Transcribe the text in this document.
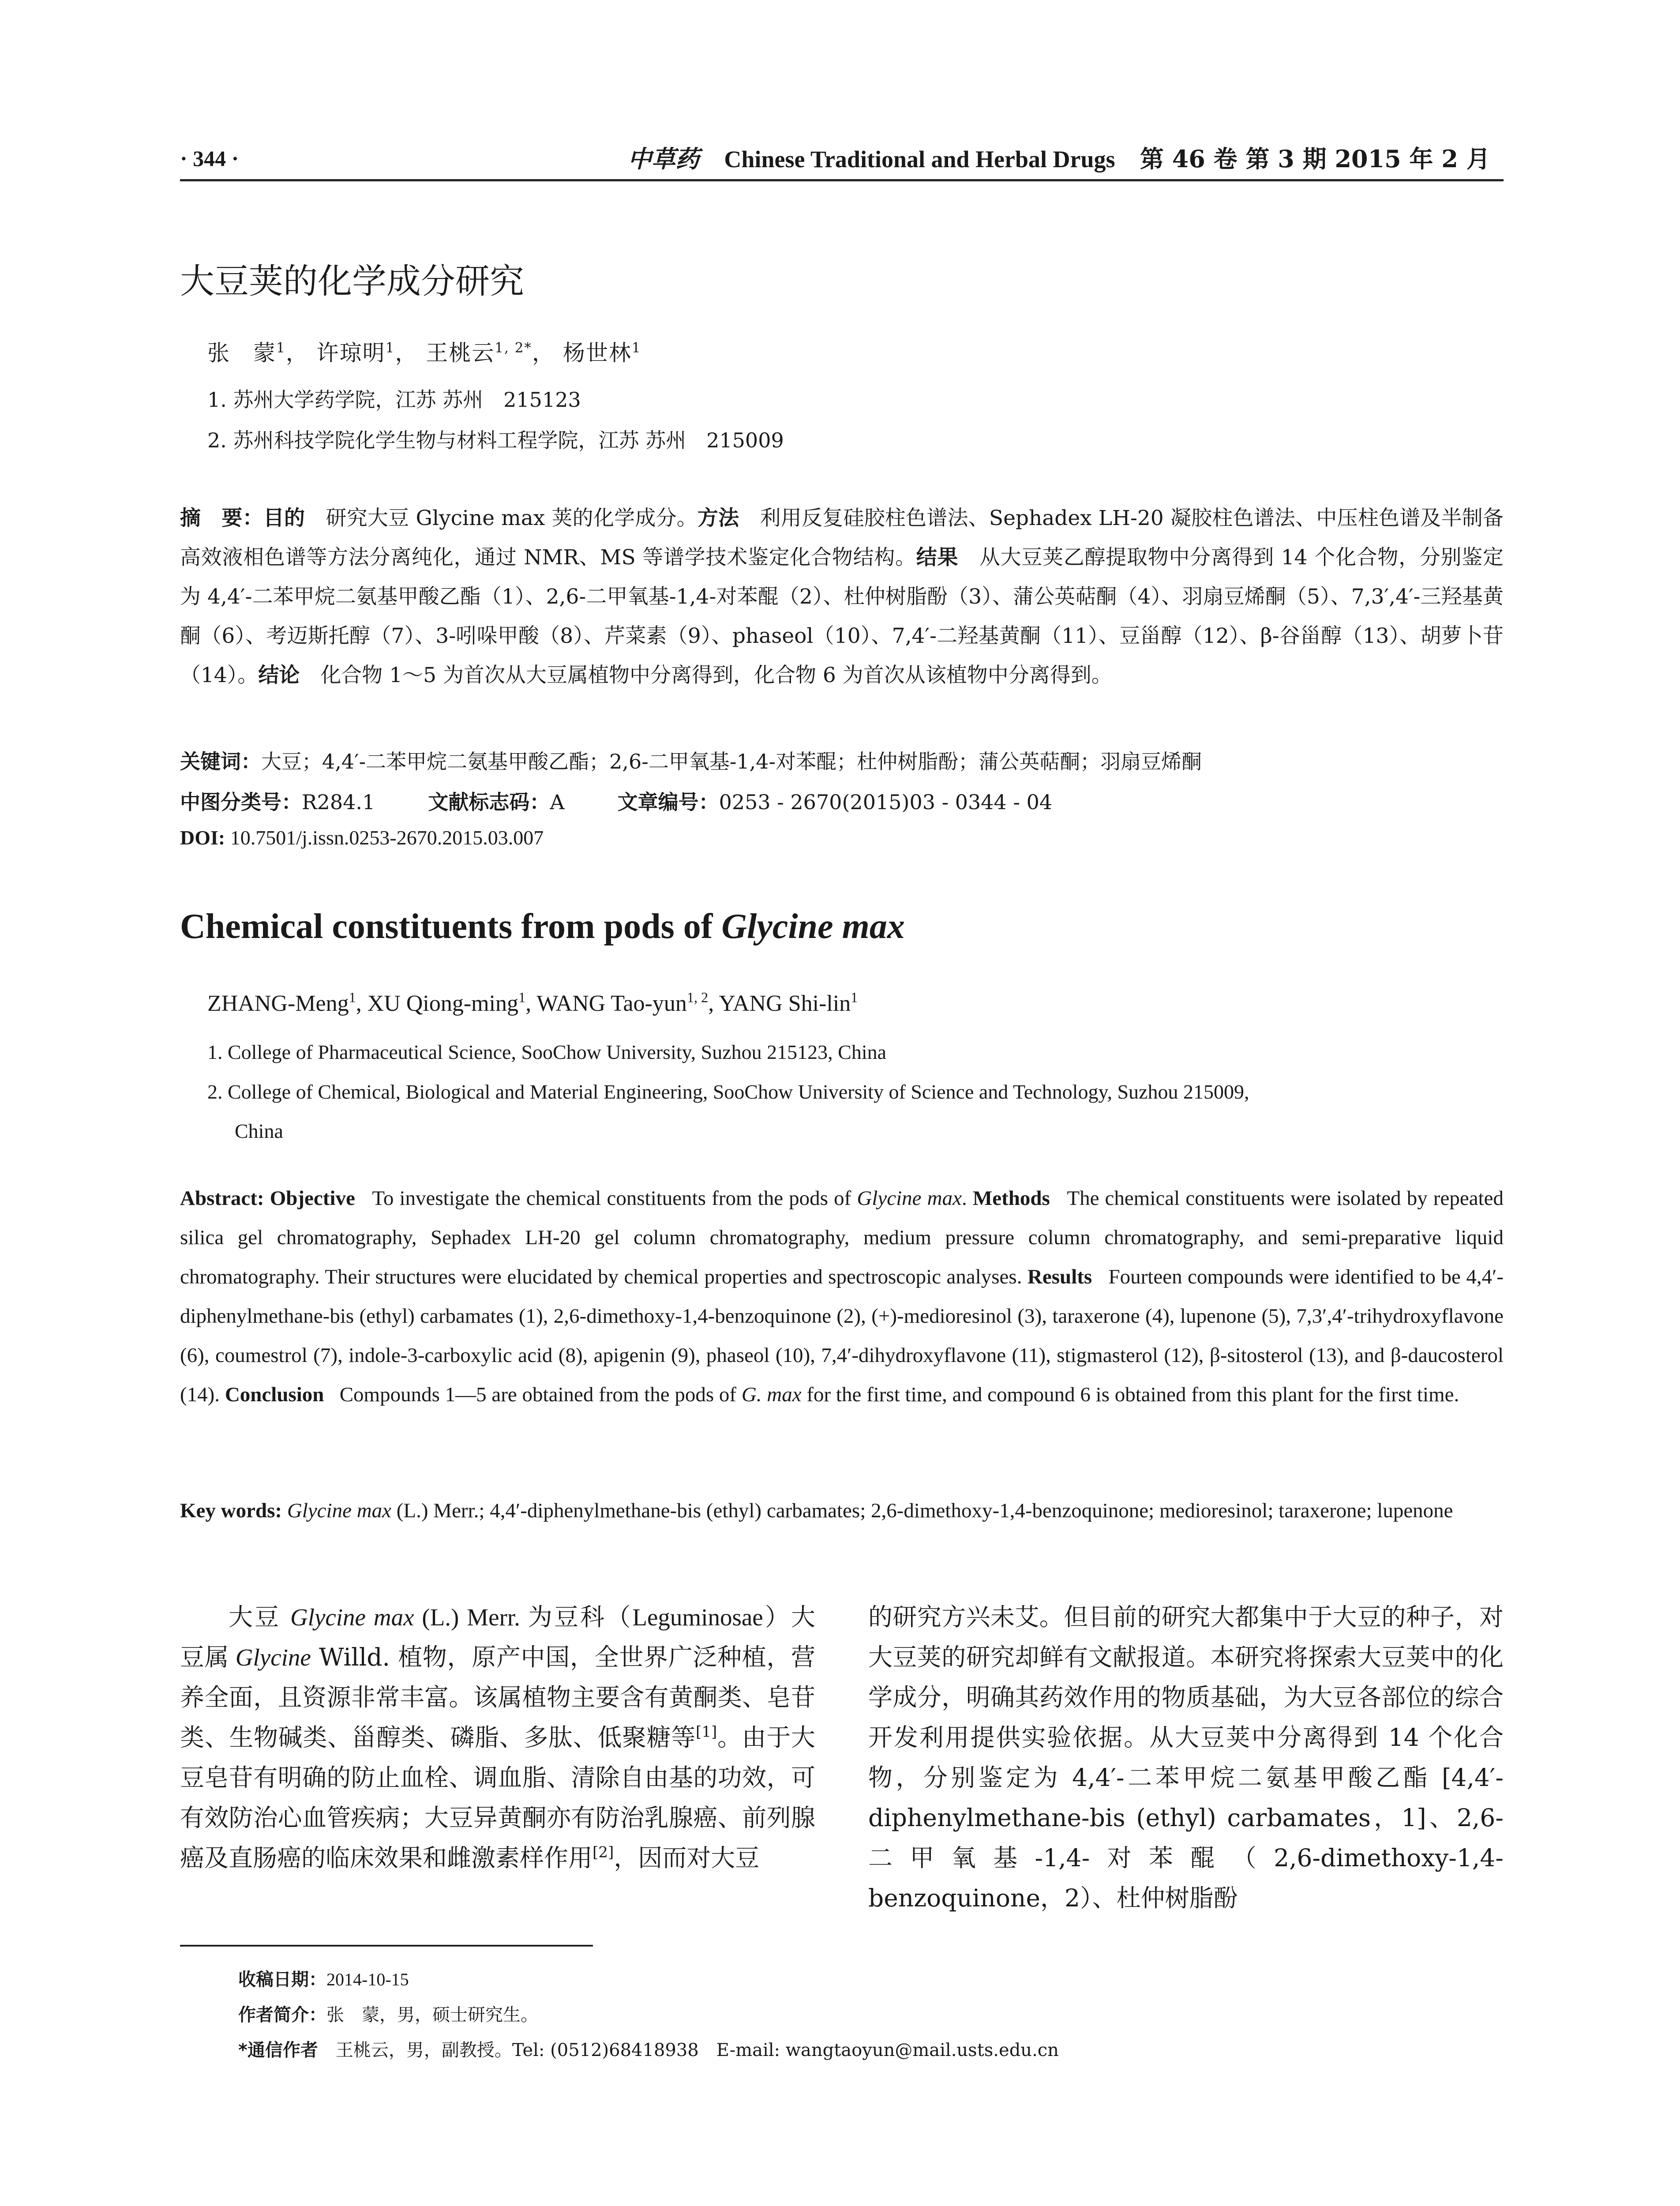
· 344 ·	中草药 Chinese Traditional and Herbal Drugs 第 46 卷 第 3 期 2015 年 2 月
大豆荚的化学成分研究
张　蒙$^1$， 许琼明$^1$， 王桃云$^{1, 2*}$， 杨世林$^1$
1. 苏州大学药学院，江苏 苏州　215123
2. 苏州科技学院化学生物与材料工程学院，江苏 苏州　215009
摘　要：目的　 研究大豆 Glycine max 荚的化学成分。方法　 利用反复硅胶柱色谱法、Sephadex LH-20 凝胶柱色谱法、中压柱色谱及半制备高效液相色谱等方法分离纯化，通过 NMR、MS 等谱学技术鉴定化合物结构。结果　 从大豆荚乙醇提取物中分离得到 14 个化合物，分别鉴定为 4,4′-二苯甲烷二氨基甲酸乙酯（1）、2,6-二甲氧基-1,4-对苯醌（2）、杜仲树脂酚（3）、蒲公英萜酮（4）、羽扇豆烯酮（5）、7,3′,4′-三羟基黄酮（6）、考迈斯托醇（7）、3-吲哚甲酸（8）、芹菜素（9）、phaseol（10）、7,4′-二羟基黄酮（11）、豆甾醇（12）、β-谷甾醇（13）、胡萝卜苷（14）。结论　 化合物 1～5 为首次从大豆属植物中分离得到，化合物 6 为首次从该植物中分离得到。
关键词：大豆；4,4′-二苯甲烷二氨基甲酸乙酯；2,6-二甲氧基-1,4-对苯醌；杜仲树脂酚；蒲公英萜酮；羽扇豆烯酮
中图分类号：R284.1	文献标志码：A	文章编号：0253 - 2670(2015)03 - 0344 - 04
DOI: 10.7501/j.issn.0253-2670.2015.03.007
Chemical constituents from pods of Glycine max
ZHANG-Meng$^1$, XU Qiong-ming$^1$, WANG Tao-yun$^{1, 2}$, YANG Shi-lin$^1$
1. College of Pharmaceutical Science, SooChow University, Suzhou 215123, China
2. College of Chemical, Biological and Material Engineering, SooChow University of Science and Technology, Suzhou 215009,
China
Abstract: Objective To investigate the chemical constituents from the pods of Glycine max. Methods The chemical constituents were isolated by repeated silica gel chromatography, Sephadex LH-20 gel column chromatography, medium pressure column chromatography, and semi-preparative liquid chromatography. Their structures were elucidated by chemical properties and spectroscopic analyses. Results Fourteen compounds were identified to be 4,4′-diphenylmethane-bis (ethyl) carbamates (1), 2,6-dimethoxy-1,4-benzoquinone (2), (+)-medioresinol (3), taraxerone (4), lupenone (5), 7,3′,4′-trihydroxyflavone (6), coumestrol (7), indole-3-carboxylic acid (8), apigenin (9), phaseol (10), 7,4′-dihydroxyflavone (11), stigmasterol (12), β-sitosterol (13), and β-daucosterol (14). Conclusion Compounds 1—5 are obtained from the pods of G. max for the first time, and compound 6 is obtained from this plant for the first time.
Key words: Glycine max (L.) Merr.; 4,4′-diphenylmethane-bis (ethyl) carbamates; 2,6-dimethoxy-1,4-benzoquinone; medioresinol; taraxerone; lupenone

大豆 Glycine max (L.) Merr. 为豆科（Leguminosae）大豆属 Glycine Willd. 植物，原产中国，全世界广泛种植，营养全面，且资源非常丰富。该属植物主要含有黄酮类、皂苷类、生物碱类、甾醇类、磷脂、多肽、低聚糖等[1]。由于大豆皂苷有明确的防止血栓、调血脂、清除自由基的功效，可有效防治心血管疾病；大豆异黄酮亦有防治乳腺癌、前列腺癌及直肠癌的临床效果和雌激素样作用[2]，因而对大豆

的研究方兴未艾。但目前的研究大都集中于大豆的种子，对大豆荚的研究却鲜有文献报道。本研究将探索大豆荚中的化学成分，明确其药效作用的物质基础，为大豆各部位的综合开发利用提供实验依据。从大豆荚中分离得到 14 个化合物，分别鉴定为 4,4′-二苯甲烷二氨基甲酸乙酯 [4,4′-diphenylmethane-bis (ethyl) carbamates，1]、2,6-二甲氧基-1,4-对苯醌（2,6-dimethoxy-1,4-benzoquinone，2）、杜仲树脂酚

收稿日期：2014-10-15
作者简介：张　蒙，男，硕士研究生。
*通信作者　王桃云，男，副教授。Tel: (0512)68418938　E-mail: wangtaoyun@mail.usts.edu.cn
